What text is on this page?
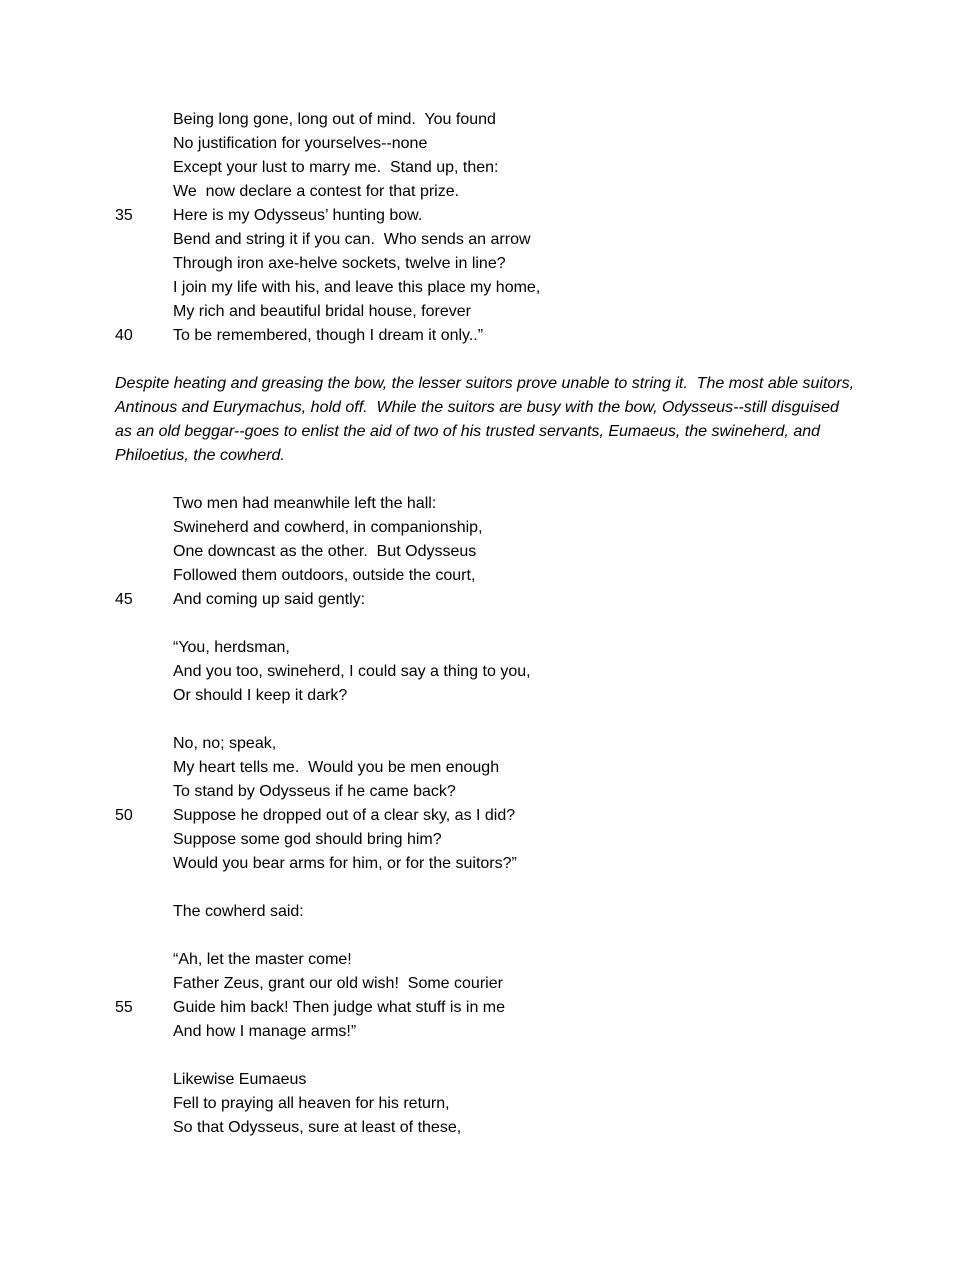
Being long gone, long out of mind.  You found
No justification for yourselves--none
Except your lust to marry me.  Stand up, then:
We  now declare a contest for that prize.
35	Here is my Odysseus’ hunting bow.
Bend and string it if you can.  Who sends an arrow
Through iron axe-helve sockets, twelve in line?
I join my life with his, and leave this place my home,
My rich and beautiful bridal house, forever
40	To be remembered, though I dream it only..”
Despite heating and greasing the bow, the lesser suitors prove unable to string it.  The most able suitors, Antinous and Eurymachus, hold off.  While the suitors are busy with the bow, Odysseus--still disguised as an old beggar--goes to enlist the aid of two of his trusted servants, Eumaeus, the swineherd, and Philoetius, the cowherd.
Two men had meanwhile left the hall:
Swineherd and cowherd, in companionship,
One downcast as the other.  But Odysseus
Followed them outdoors, outside the court,
45	And coming up said gently:
“You, herdsman,
And you too, swineherd, I could say a thing to you,
Or should I keep it dark?
No, no; speak,
My heart tells me.  Would you be men enough
To stand by Odysseus if he came back?
50	Suppose he dropped out of a clear sky, as I did?
Suppose some god should bring him?
Would you bear arms for him, or for the suitors?”
The cowherd said:
“Ah, let the master come!
Father Zeus, grant our old wish!  Some courier
55	Guide him back! Then judge what stuff is in me
And how I manage arms!”
Likewise Eumaeus
Fell to praying all heaven for his return,
So that Odysseus, sure at least of these,
